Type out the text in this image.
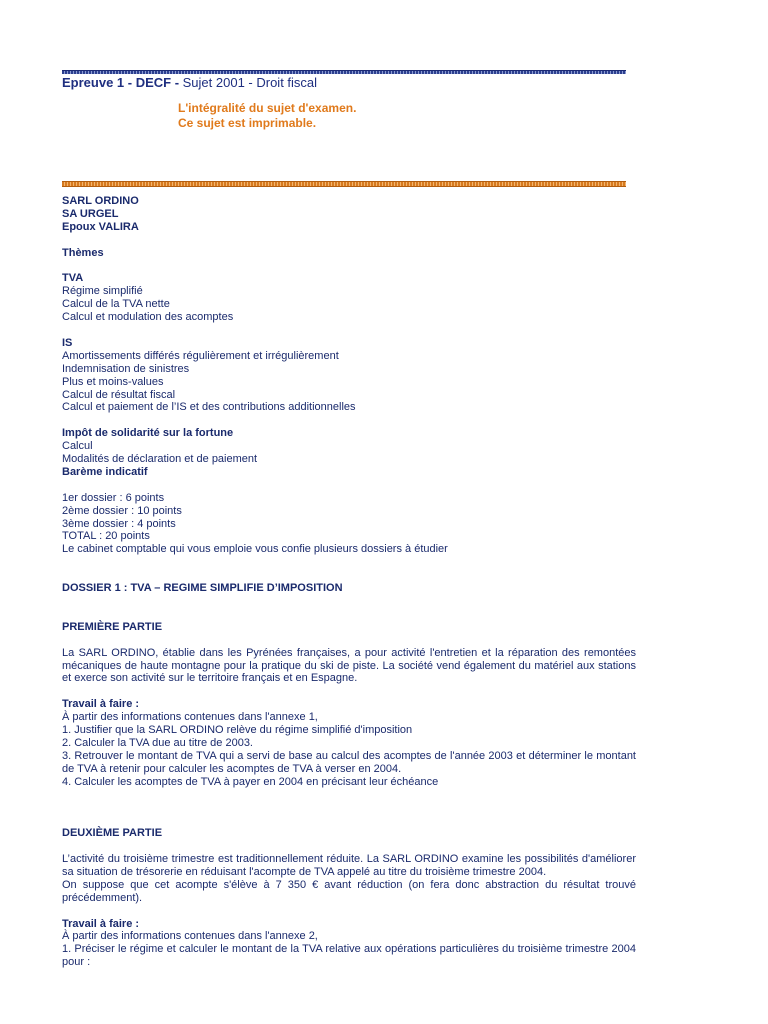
Epreuve 1 - DECF - Sujet 2001 - Droit fiscal
L'intégralité du sujet d'examen.
Ce sujet est imprimable.

SARL ORDINO

SA URGEL

Epoux VALIRA

Thèmes

TVA

Régime simplifié

Calcul de la TVA nette

Calcul et modulation des acomptes

IS

Amortissements différés régulièrement et irrégulièrement

Indemnisation de sinistres

Plus et moins-values

Calcul de résultat fiscal

Calcul et paiement de l’IS et des contributions additionnelles

Impôt de solidarité sur la fortune

Calcul

Modalités de déclaration et de paiement

Barème indicatif

1er dossier : 6 points

2ème dossier : 10 points

3ème dossier : 4 points

TOTAL : 20 points

Le cabinet comptable qui vous emploie vous confie plusieurs dossiers à étudier

DOSSIER 1 : TVA – REGIME SIMPLIFIE D’IMPOSITION

PREMIÈRE PARTIE

La SARL ORDINO, établie dans les Pyrénées françaises, a pour activité l'entretien et la réparation des remontées mécaniques de haute montagne pour la pratique du ski de piste. La société vend également du matériel aux stations et exerce son activité sur le territoire français et en Espagne.

Travail à faire :

À partir des informations contenues dans l'annexe 1,

1. Justifier que la SARL ORDINO relève du régime simplifié d'imposition

2. Calculer la TVA due au titre de 2003.

3. Retrouver le montant de TVA qui a servi de base au calcul des acomptes de l'année 2003 et déterminer le montant de TVA à retenir pour calculer les acomptes de TVA à verser en 2004.

4. Calculer les acomptes de TVA à payer en 2004 en précisant leur échéance

DEUXIÈME PARTIE

L’activité du troisième trimestre est traditionnellement réduite. La SARL ORDINO examine les possibilités d'améliorer sa situation de trésorerie en réduisant l'acompte de TVA appelé au titre du troisième trimestre 2004.

On suppose que cet acompte s'élève à 7 350 € avant réduction (on fera donc abstraction du résultat trouvé précédemment).

Travail à faire :

À partir des informations contenues dans l'annexe 2,

1. Préciser le régime et calculer le montant de la TVA relative aux opérations particulières du troisième trimestre 2004 pour :
